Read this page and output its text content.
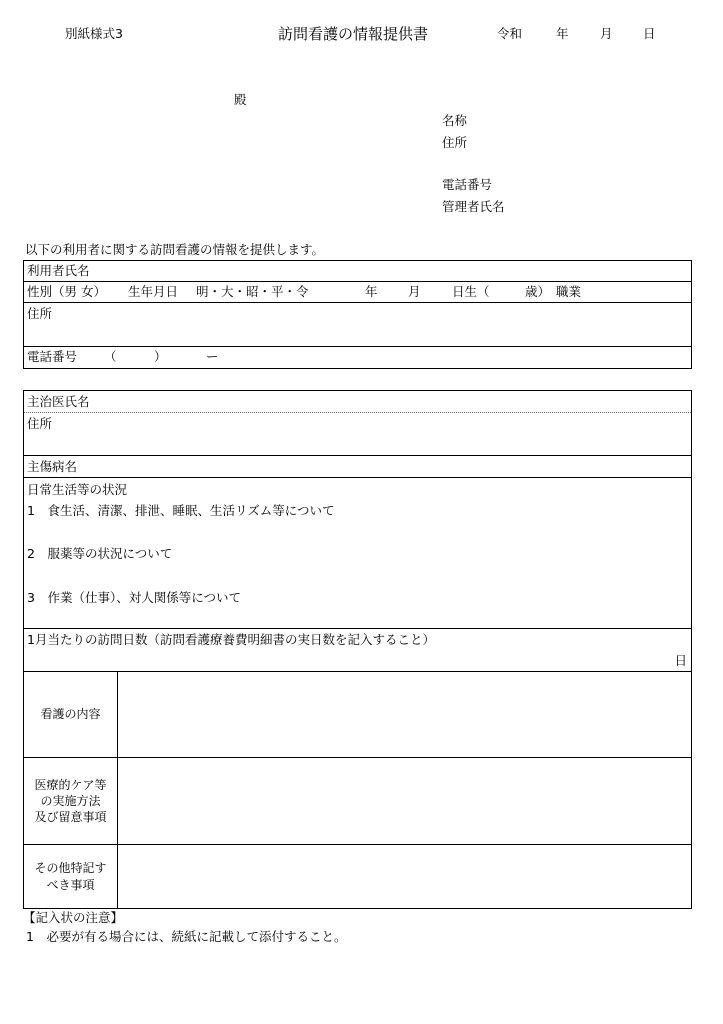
別紙様式3	訪問看護の情報提供書	令和	年	月 日
殿
名称
住所
電話番号
管理者氏名
以下の利用者に関する訪問看護の情報を提供します。
利用者氏名
性別（男 女） 生年月日 明・大・昭・平・令	年 月	日生（	歳） 職業
住所
電話番号 （　　　）	ー
主治医氏名
住所
主傷病名
日常生活等の状況
1　食生活、清潔、排泄、睡眠、生活リズム等について
2　服薬等の状況について
3　作業（仕事）、対人関係等について
1月当たりの訪問日数（訪問看護療養費明細書の実日数を記入すること）
日
看護の内容
医療的ケア等
の実施方法
及び留意事項
その他特記す
べき事項
【記入状の注意】
1　必要が有る場合には、続紙に記載して添付すること。
